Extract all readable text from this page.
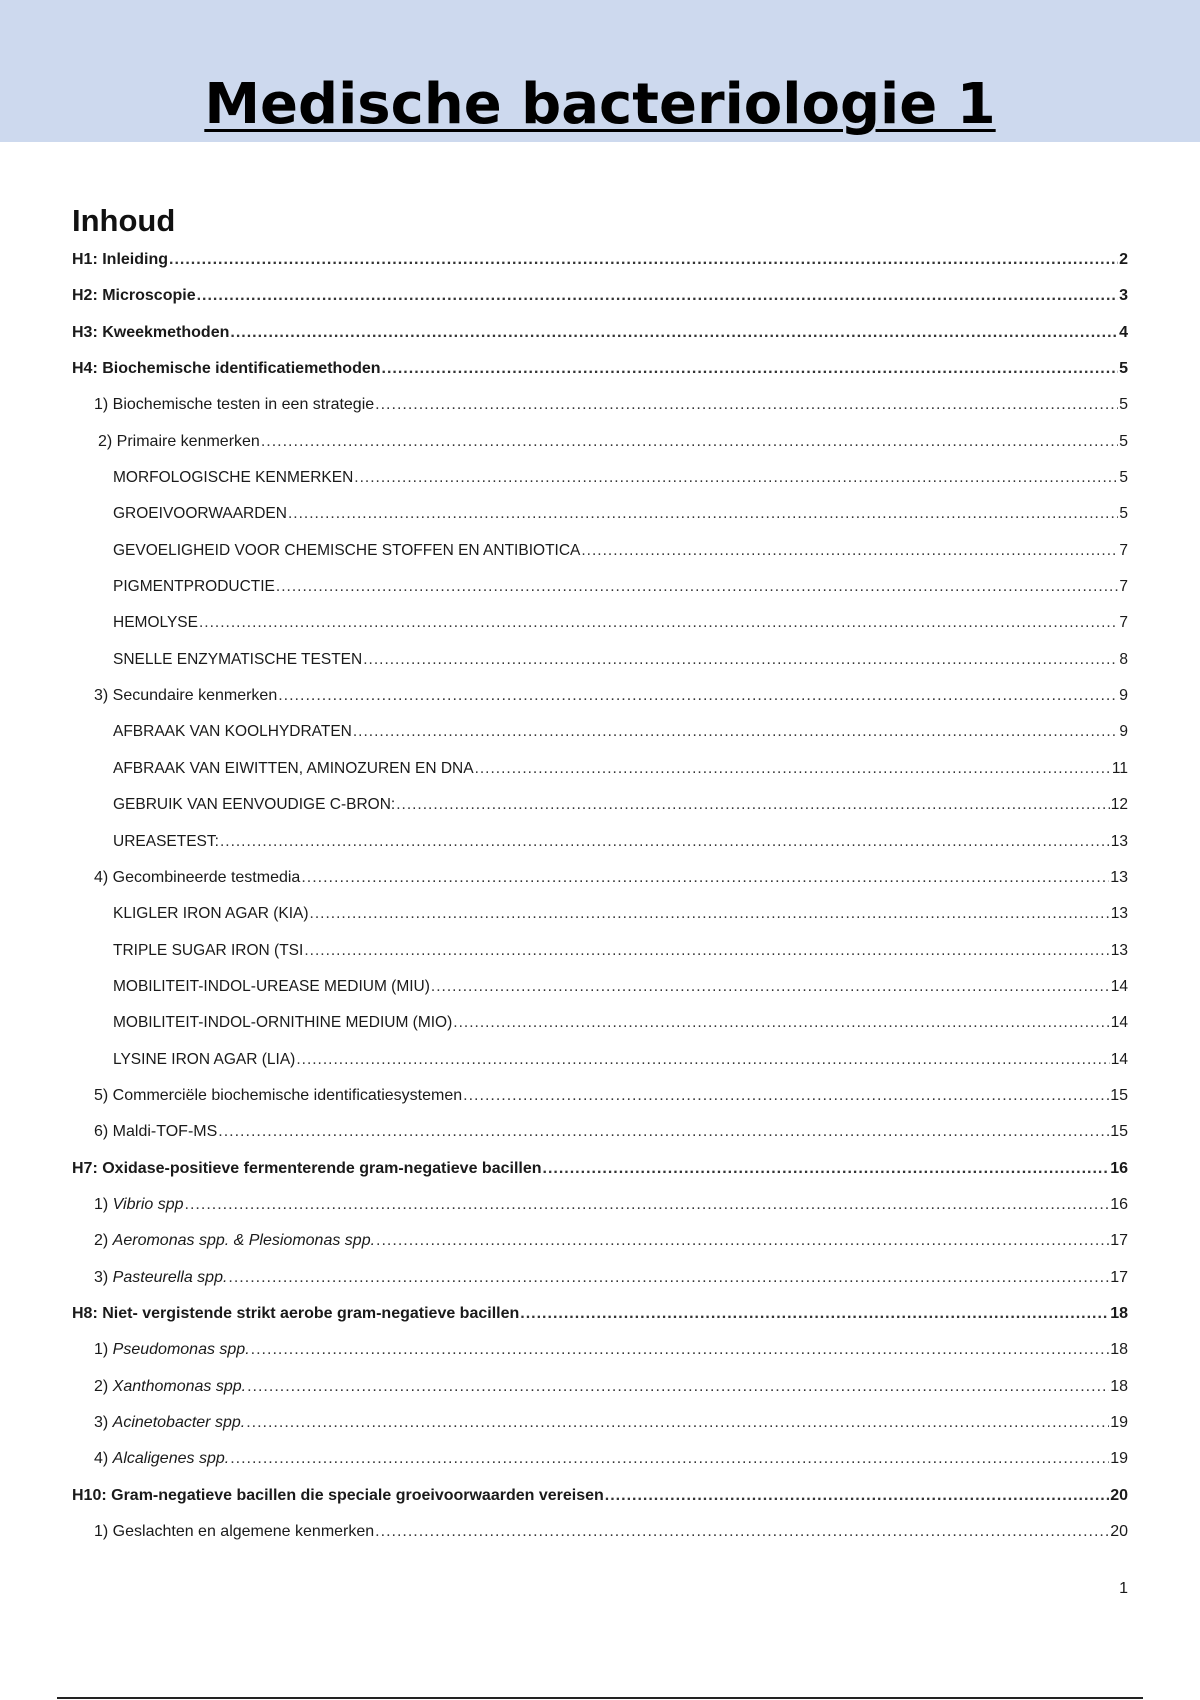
Medische bacteriologie 1
Inhoud
H1: Inleiding .....	2
H2: Microscopie .....	3
H3: Kweekmethoden .....	4
H4: Biochemische identificatiemethoden .....	5
1) Biochemische testen in een strategie .....	5
2) Primaire kenmerken .....	5
MORFOLOGISCHE KENMERKEN .....	5
GROEIVOORWAARDEN .....	5
GEVOELIGHEID VOOR CHEMISCHE STOFFEN EN ANTIBIOTICA .....	7
PIGMENTPRODUCTIE .....	7
HEMOLYSE .....	7
SNELLE ENZYMATISCHE TESTEN .....	8
3) Secundaire kenmerken .....	9
AFBRAAK VAN KOOLHYDRATEN .....	9
AFBRAAK VAN EIWITTEN, AMINOZUREN EN DNA .....	11
GEBRUIK VAN EENVOUDIGE C-BRON: .....	12
UREASETEST: .....	13
4) Gecombineerde testmedia .....	13
KLIGLER IRON AGAR (KIA) .....	13
TRIPLE SUGAR IRON (TSI .....	13
MOBILITEIT-INDOL-UREASE MEDIUM (MIU) .....	14
MOBILITEIT-INDOL-ORNITHINE MEDIUM (MIO) .....	14
LYSINE IRON AGAR (LIA) .....	14
5) Commerciële biochemische identificatiesystemen .....	15
6) Maldi-TOF-MS .....	15
H7: Oxidase-positieve fermenterende gram-negatieve bacillen .....	16
1) Vibrio spp .....	16
2) Aeromonas spp. & Plesiomonas spp. .....	17
3) Pasteurella spp. .....	17
H8: Niet- vergistende strikt aerobe gram-negatieve bacillen .....	18
1) Pseudomonas spp. .....	18
2) Xanthomonas spp. .....	18
3) Acinetobacter spp. .....	19
4) Alcaligenes spp. .....	19
H10: Gram-negatieve bacillen die speciale groeivoorwaarden vereisen .....	20
1) Geslachten en algemene kenmerken .....	20
1
